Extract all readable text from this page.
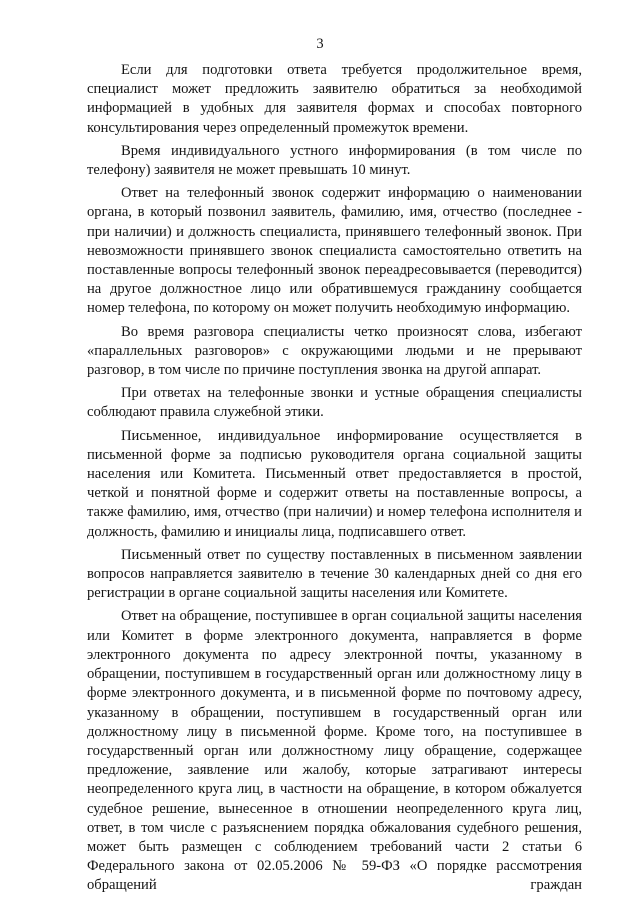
3

Если для подготовки ответа требуется продолжительное время, специалист может предложить заявителю обратиться за необходимой информацией в удобных для заявителя формах и способах повторного консультирования через определенный промежуток времени.

Время индивидуального устного информирования (в том числе по телефону) заявителя не может превышать 10 минут.

Ответ на телефонный звонок содержит информацию о наименовании органа, в который позвонил заявитель, фамилию, имя, отчество (последнее - при наличии) и должность специалиста, принявшего телефонный звонок. При невозможности принявшего звонок специалиста самостоятельно ответить на поставленные вопросы телефонный звонок переадресовывается (переводится) на другое должностное лицо или обратившемуся гражданину сообщается номер телефона, по которому он может получить необходимую информацию.

Во время разговора специалисты четко произносят слова, избегают «параллельных разговоров» с окружающими людьми и не прерывают разговор, в том числе по причине поступления звонка на другой аппарат.

При ответах на телефонные звонки и устные обращения специалисты соблюдают правила служебной этики.

Письменное, индивидуальное информирование осуществляется в письменной форме за подписью руководителя органа социальной защиты населения или Комитета. Письменный ответ предоставляется в простой, четкой и понятной форме и содержит ответы на поставленные вопросы, а также фамилию, имя, отчество (при наличии) и номер телефона исполнителя и должность, фамилию и инициалы лица, подписавшего ответ.

Письменный ответ по существу поставленных в письменном заявлении вопросов направляется заявителю в течение 30 календарных дней со дня его регистрации в органе социальной защиты населения или Комитете.

Ответ на обращение, поступившее в орган социальной защиты населения или Комитет в форме электронного документа, направляется в форме электронного документа по адресу электронной почты, указанному в обращении, поступившем в государственный орган или должностному лицу в форме электронного документа, и в письменной форме по почтовому адресу, указанному в обращении, поступившем в государственный орган или должностному лицу в письменной форме. Кроме того, на поступившее в государственный орган или должностному лицу обращение, содержащее предложение, заявление или жалобу, которые затрагивают интересы неопределенного круга лиц, в частности на обращение, в котором обжалуется судебное решение, вынесенное в отношении неопределенного круга лиц, ответ, в том числе с разъяснением порядка обжалования судебного решения, может быть размещен с соблюдением требований части 2 статьи 6 Федерального закона от 02.05.2006 № 59-ФЗ «О порядке рассмотрения обращений граждан
